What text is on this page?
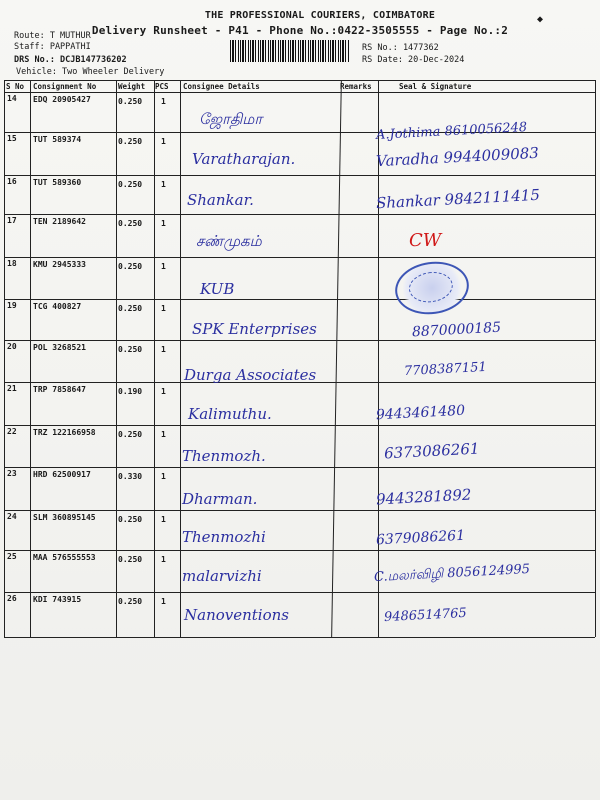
◆
THE PROFESSIONAL COURIERS, COIMBATORE
Delivery Runsheet - P41 - Phone No.:0422-3505555 - Page No.:2
Route: T MUTHUR
Staff: PAPPATHI
DRS No.: DCJB147736202
Vehicle: Two Wheeler Delivery
RS No.: 1477362
RS Date: 20-Dec-2024
S No Consignment No	Weight PCS Consignee Details	Remarks	Seal & Signature
14 EDQ 20905427	0.250 1
ஜோதிமா
A.Jothima 8610056248
15 TUT 589374	0.250 1
Varatharajan.	Varadha 9944009083
16 TUT 589360	0.250 1
Shankar.	Shankar 9842111415
17 TEN 2189642	0.250 1
சண்முகம்	CW
18 KMU 2945333	0.250 1
KUB
19 TCG 400827	0.250 1
SPK Enterprises	8870000185
20 POL 3268521	0.250 1
Durga Associates	7708387151
21 TRP 7858647	0.190 1
Kalimuthu.	9443461480
22 TRZ 122166958	0.250 1
Thenmozh.	6373086261
23 HRD 62500917	0.330 1
Dharman.	9443281892
24 SLM 360895145	0.250 1
Thenmozhi	6379086261
25 MAA 576555553	0.250 1
malarvizhi	C.மலர்விழி 8056124995
26 KDI 743915	0.250 1
Nanoventions	9486514765
